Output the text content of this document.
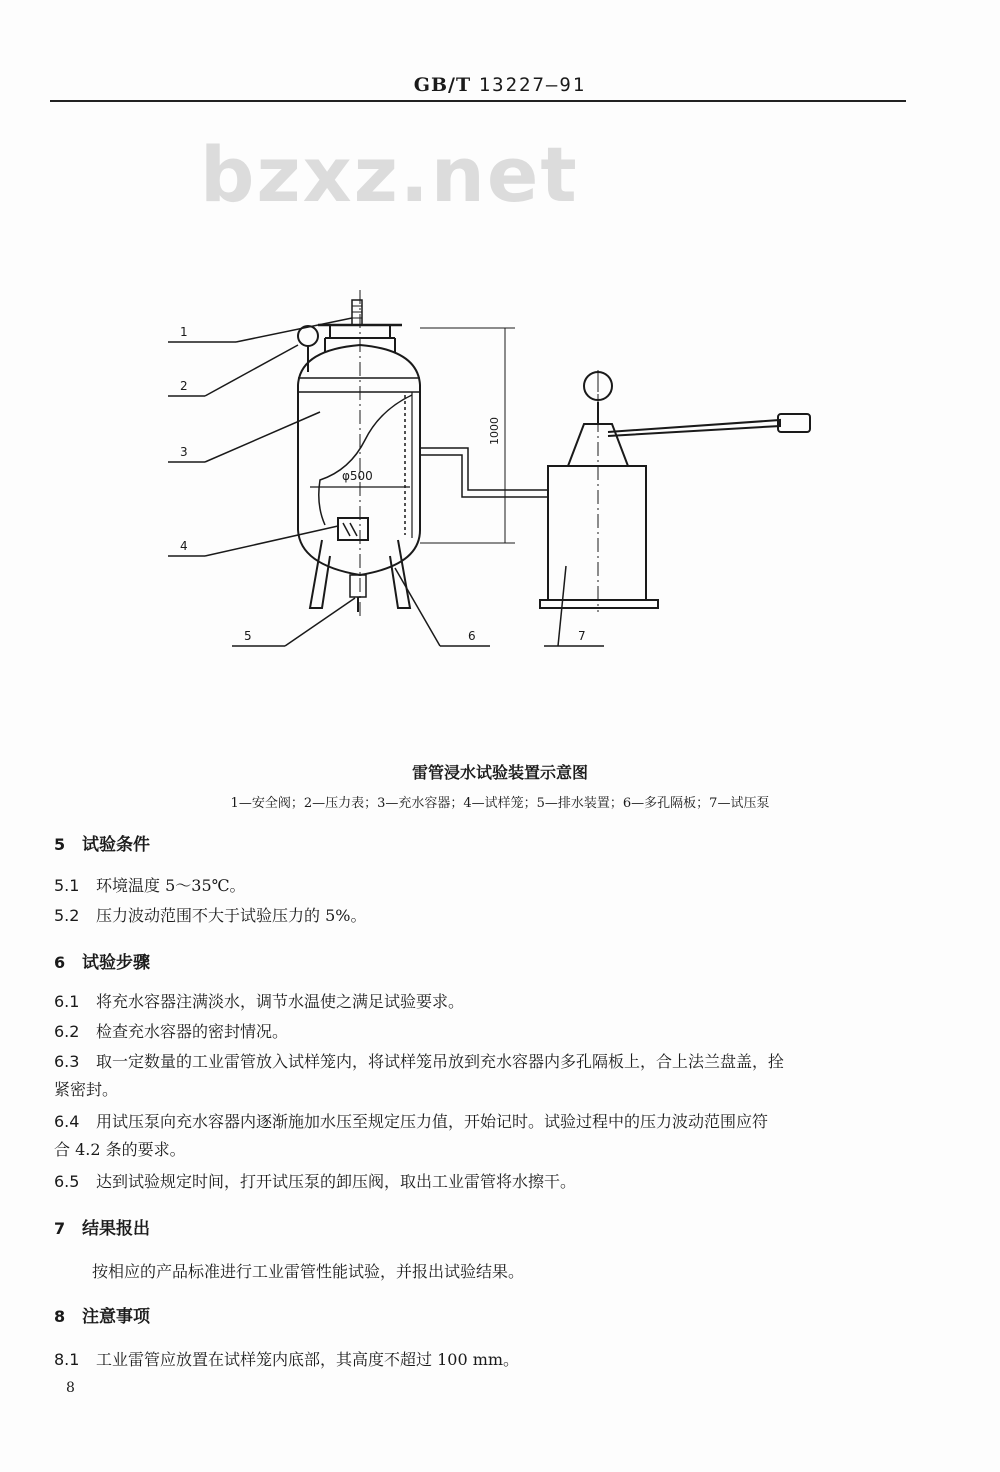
GB/T 13227—91
bzxz.net
1
2
3
4
5	6	7
φ500
1000
雷管浸水试验装置示意图
1—安全阀；2—压力表；3—充水容器；4—试样笼；5—排水装置；6—多孔隔板；7—试压泵
5 试验条件
5.1 环境温度 5～35℃。
5.2 压力波动范围不大于试验压力的 5%。
6 试验步骤
6.1 将充水容器注满淡水，调节水温使之满足试验要求。
6.2 检查充水容器的密封情况。
6.3 取一定数量的工业雷管放入试样笼内，将试样笼吊放到充水容器内多孔隔板上，合上法兰盘盖，拴
紧密封。
6.4 用试压泵向充水容器内逐渐施加水压至规定压力值，开始记时。试验过程中的压力波动范围应符
合 4.2 条的要求。
6.5 达到试验规定时间，打开试压泵的卸压阀，取出工业雷管将水擦干。
7 结果报出
按相应的产品标准进行工业雷管性能试验，并报出试验结果。
8 注意事项
8.1 工业雷管应放置在试样笼内底部，其高度不超过 100 mm。
8
